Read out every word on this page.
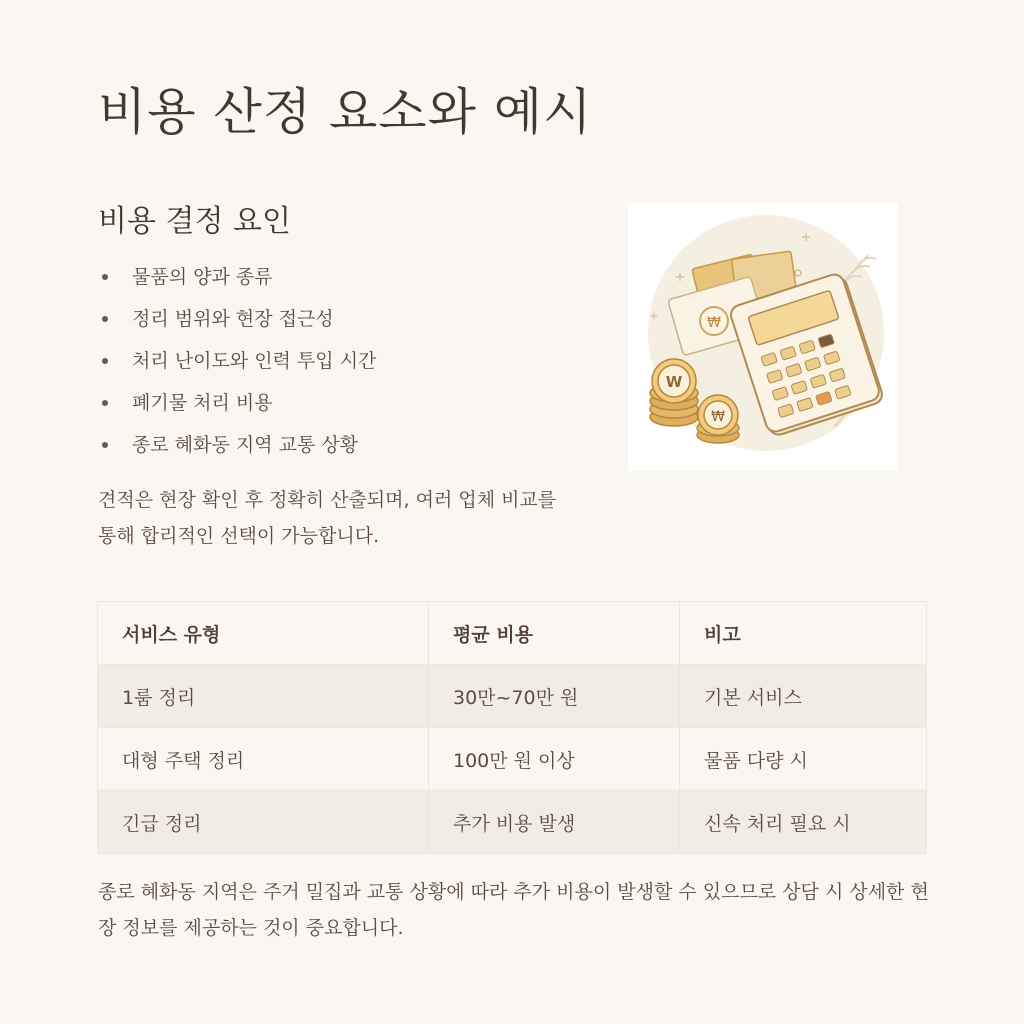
비용 산정 요소와 예시
비용 결정 요인
물품의 양과 종류
정리 범위와 현장 접근성
처리 난이도와 인력 투입 시간
폐기물 처리 비용
종로 혜화동 지역 교통 상황

견적은 현장 확인 후 정확히 산출되며, 여러 업체 비교를 통해 합리적인 선택이 가능합니다.

₩
W
₩
서비스 유형	평균 비용	비고
1룸 정리	30만~70만 원	기본 서비스
대형 주택 정리	100만 원 이상	물품 다량 시
긴급 정리	추가 비용 발생	신속 처리 필요 시

종로 혜화동 지역은 주거 밀집과 교통 상황에 따라 추가 비용이 발생할 수 있으므로 상담 시 상세한 현장 정보를 제공하는 것이 중요합니다.
